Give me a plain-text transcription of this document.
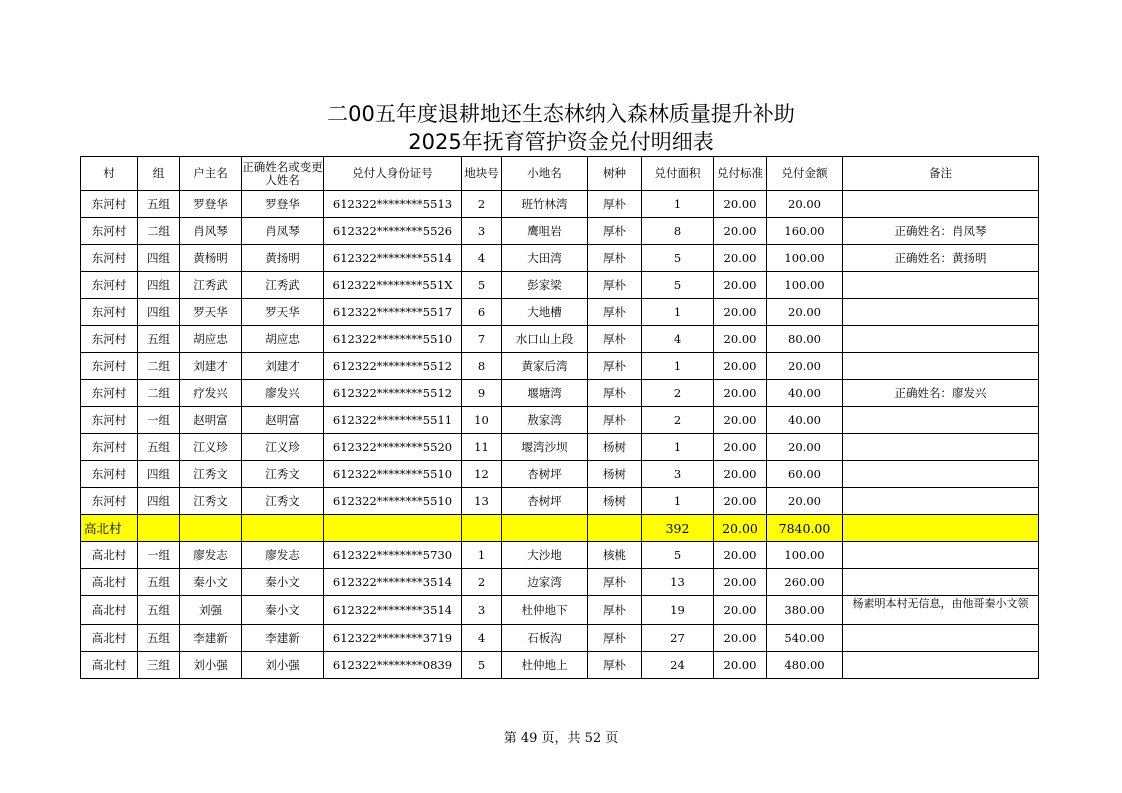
二00五年度退耕地还生态林纳入森林质量提升补助
2025年抚育管护资金兑付明细表
村	组	户主名	正确姓名或变更人姓名	兑付人身份证号	地块号	小地名	树种	兑付面积	兑付标准	兑付金额	备注
东河村	五组	罗登华	罗登华	612322********5513	2	班竹林湾	厚朴	1	20.00	20.00	
东河村	二组	肖风琴	肖凤琴	612322********5526	3	鹰咀岩	厚朴	8	20.00	160.00	正确姓名：肖凤琴
东河村	四组	黄杨明	黄扬明	612322********5514	4	大田湾	厚朴	5	20.00	100.00	正确姓名：黄扬明
东河村	四组	江秀武	江秀武	612322********551X	5	彭家梁	厚朴	5	20.00	100.00	
东河村	四组	罗天华	罗天华	612322********5517	6	大地槽	厚朴	1	20.00	20.00	
东河村	五组	胡应忠	胡应忠	612322********5510	7	水口山上段	厚朴	4	20.00	80.00	
东河村	二组	刘建才	刘建才	612322********5512	8	黄家后湾	厚朴	1	20.00	20.00	
东河村	二组	疗发兴	廖发兴	612322********5512	9	堰塘湾	厚朴	2	20.00	40.00	正确姓名：廖发兴
东河村	一组	赵明富	赵明富	612322********5511	10	敖家湾	厚朴	2	20.00	40.00	
东河村	五组	江义珍	江义珍	612322********5520	11	堰湾沙坝	杨树	1	20.00	20.00	
东河村	四组	江秀文	江秀文	612322********5510	12	杏树坪	杨树	3	20.00	60.00	
东河村	四组	江秀文	江秀文	612322********5510	13	杏树坪	杨树	1	20.00	20.00	
高北村								392	20.00	7840.00	
高北村	一组	廖发志	廖发志	612322********5730	1	大沙地	核桃	5	20.00	100.00	
高北村	五组	秦小文	秦小文	612322********3514	2	边家湾	厚朴	13	20.00	260.00	
高北村	五组	刘强	秦小文	612322********3514	3	杜仲地下	厚朴	19	20.00	380.00	杨素明本村无信息，由他哥秦小文领
高北村	五组	李建新	李建新	612322********3719	4	石板沟	厚朴	27	20.00	540.00	
高北村	三组	刘小强	刘小强	612322********0839	5	杜仲地上	厚朴	24	20.00	480.00	
第 49 页，共 52 页
